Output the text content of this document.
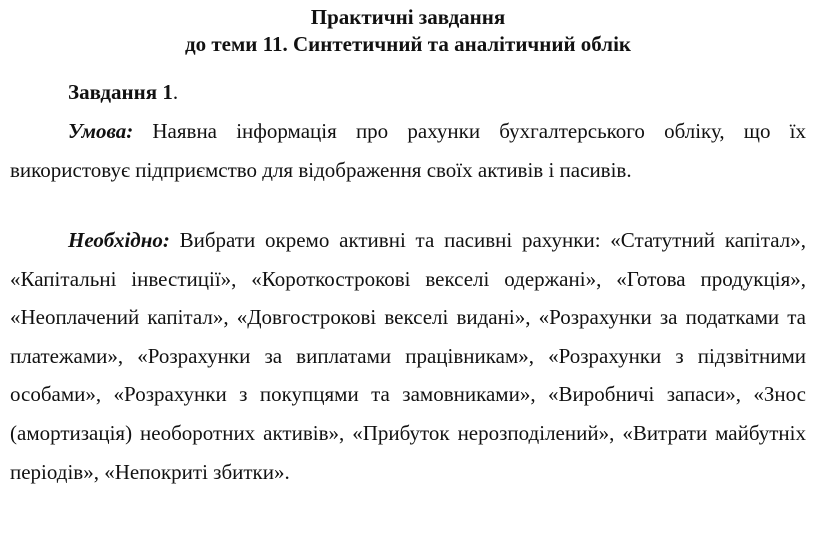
Практичні завдання

до теми 11. Синтетичний та аналітичний облік

Завдання 1.

Умова: Наявна інформація про рахунки бухгалтерського обліку, що їх використовує підприємство для відображення своїх активів і пасивів.

Необхідно: Вибрати окремо активні та пасивні рахунки: «Статутний капітал», «Капітальні інвестиції», «Короткострокові векселі одержані», «Готова продукція», «Неоплачений капітал», «Довгострокові векселі видані», «Розрахунки за податками та платежами», «Розрахунки за виплатами працівникам», «Розрахунки з підзвітними особами», «Розрахунки з покупцями та замовниками», «Виробничі запаси», «Знос (амортизація) необоротних активів», «Прибуток нерозподілений», «Витрати майбутніх періодів», «Непокриті збитки».
